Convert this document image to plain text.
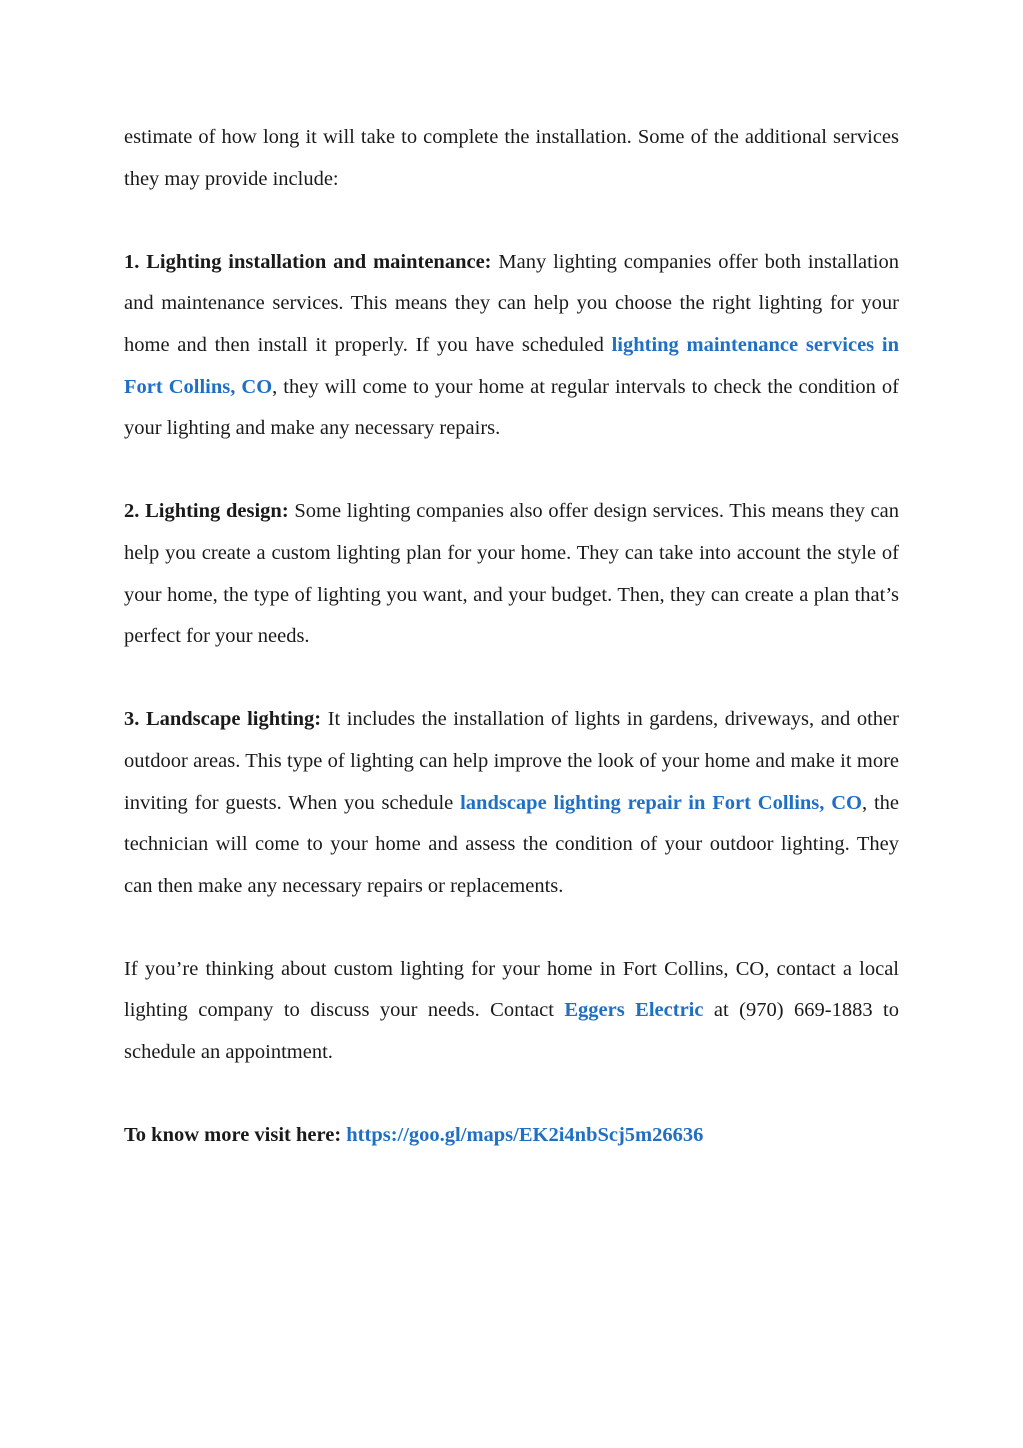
estimate of how long it will take to complete the installation. Some of the additional services they may provide include:

1. Lighting installation and maintenance: Many lighting companies offer both installation and maintenance services. This means they can help you choose the right lighting for your home and then install it properly. If you have scheduled lighting maintenance services in Fort Collins, CO, they will come to your home at regular intervals to check the condition of your lighting and make any necessary repairs.

2. Lighting design: Some lighting companies also offer design services. This means they can help you create a custom lighting plan for your home. They can take into account the style of your home, the type of lighting you want, and your budget. Then, they can create a plan that’s perfect for your needs.

3. Landscape lighting: It includes the installation of lights in gardens, driveways, and other outdoor areas. This type of lighting can help improve the look of your home and make it more inviting for guests. When you schedule landscape lighting repair in Fort Collins, CO, the technician will come to your home and assess the condition of your outdoor lighting. They can then make any necessary repairs or replacements.

If you’re thinking about custom lighting for your home in Fort Collins, CO, contact a local lighting company to discuss your needs. Contact Eggers Electric at (970) 669-1883 to schedule an appointment.

To know more visit here: https://goo.gl/maps/EK2i4nbScj5m26636
